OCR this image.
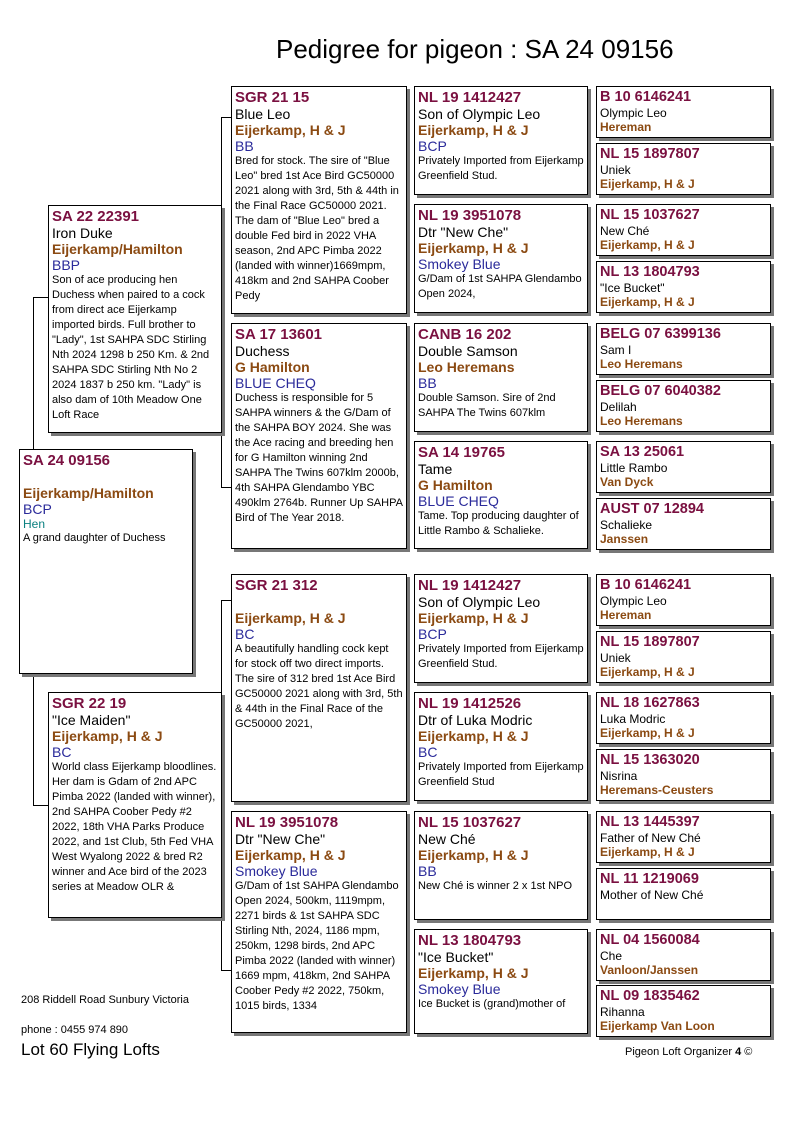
Pedigree for pigeon : SA 24 09156
SA 24 09156
Eijerkamp/Hamilton
BCP
Hen
A grand daughter of Duchess
SA 22 22391
Iron Duke
Eijerkamp/Hamilton
BBP
Son of ace producing hen Duchess when paired to a cock from direct ace Eijerkamp imported birds. Full brother to "Lady", 1st SAHPA SDC Stirling Nth 2024 1298 b 250 Km. & 2nd SAHPA SDC Stirling Nth No 2 2024 1837 b 250 km. "Lady" is also dam of 10th Meadow One Loft Race
SGR 22 19
"Ice Maiden"
Eijerkamp, H & J
BC
World class Eijerkamp bloodlines. Her dam is Gdam of 2nd APC Pimba 2022 (landed with winner), 2nd SAHPA Coober Pedy #2 2022, 18th VHA Parks Produce 2022, and 1st Club, 5th Fed VHA West Wyalong 2022 & bred R2 winner and Ace bird of the 2023 series at Meadow OLR &
SGR 21 15
Blue Leo
Eijerkamp, H & J
BB
Bred for stock. The sire of "Blue Leo" bred 1st Ace Bird GC50000 2021 along with 3rd, 5th & 44th in the Final Race GC50000 2021. The dam of "Blue Leo" bred a double Fed bird in 2022 VHA season, 2nd APC Pimba 2022 (landed with winner)1669mpm, 418km and 2nd SAHPA Coober Pedy
SA 17 13601
Duchess
G Hamilton
BLUE CHEQ
Duchess is responsible for 5 SAHPA winners & the G/Dam of the SAHPA BOY 2024. She was the Ace racing and breeding hen for G Hamilton winning 2nd SAHPA The Twins 607klm 2000b, 4th SAHPA Glendambo YBC 490klm 2764b. Runner Up SAHPA Bird of The Year 2018.
SGR 21 312
Eijerkamp, H & J
BC
A beautifully handling cock kept for stock off two direct imports. The sire of 312 bred 1st Ace Bird GC50000 2021 along with 3rd, 5th & 44th in the Final Race of the GC50000 2021,
NL 19 3951078
Dtr "New Che"
Eijerkamp, H & J
Smokey Blue
G/Dam of 1st SAHPA Glendambo Open 2024, 500km, 1119mpm, 2271 birds & 1st SAHPA SDC Stirling Nth, 2024, 1186 mpm, 250km, 1298 birds, 2nd APC Pimba 2022 (landed with winner) 1669 mpm, 418km, 2nd SAHPA Coober Pedy #2 2022, 750km, 1015 birds, 1334
NL 19 1412427
Son of Olympic Leo
Eijerkamp, H & J
BCP
Privately Imported from Eijerkamp Greenfield Stud.
NL 19 3951078
Dtr "New Che"
Eijerkamp, H & J
Smokey Blue
G/Dam of 1st SAHPA Glendambo Open 2024,
CANB 16 202
Double Samson
Leo Heremans
BB
Double Samson. Sire of 2nd SAHPA The Twins 607klm
SA 14 19765
Tame
G Hamilton
BLUE CHEQ
Tame. Top producing daughter of Little Rambo & Schalieke.
NL 19 1412427
Son of Olympic Leo
Eijerkamp, H & J
BCP
Privately Imported from Eijerkamp Greenfield Stud.
NL 19 1412526
Dtr of Luka Modric
Eijerkamp, H & J
BC
Privately Imported from Eijerkamp Greenfield Stud
NL 15 1037627
New Ché
Eijerkamp, H & J
BB
New Ché is winner 2 x 1st NPO
NL 13 1804793
"Ice Bucket"
Eijerkamp, H & J
Smokey Blue
Ice Bucket is (grand)mother of
B 10 6146241
Olympic Leo
Hereman
NL 15 1897807
Uniek
Eijerkamp, H & J
NL 15 1037627
New Ché
Eijerkamp, H & J
NL 13 1804793
"Ice Bucket"
Eijerkamp, H & J
BELG 07 6399136
Sam I
Leo Heremans
BELG 07 6040382
Delilah
Leo Heremans
SA 13 25061
Little Rambo
Van Dyck
AUST 07 12894
Schalieke
Janssen
B 10 6146241
Olympic Leo
Hereman
NL 15 1897807
Uniek
Eijerkamp, H & J
NL 18 1627863
Luka Modric
Eijerkamp, H & J
NL 15 1363020
Nisrina
Heremans-Ceusters
NL 13 1445397
Father of New Ché
Eijerkamp, H & J
NL 11 1219069
Mother of New Ché
NL 04 1560084
Che
Vanloon/Janssen
NL 09 1835462
Rihanna
Eijerkamp Van Loon
208 Riddell Road Sunbury Victoria
phone : 0455 974 890
Lot 60 Flying Lofts	Pigeon Loft Organizer 4 ©
